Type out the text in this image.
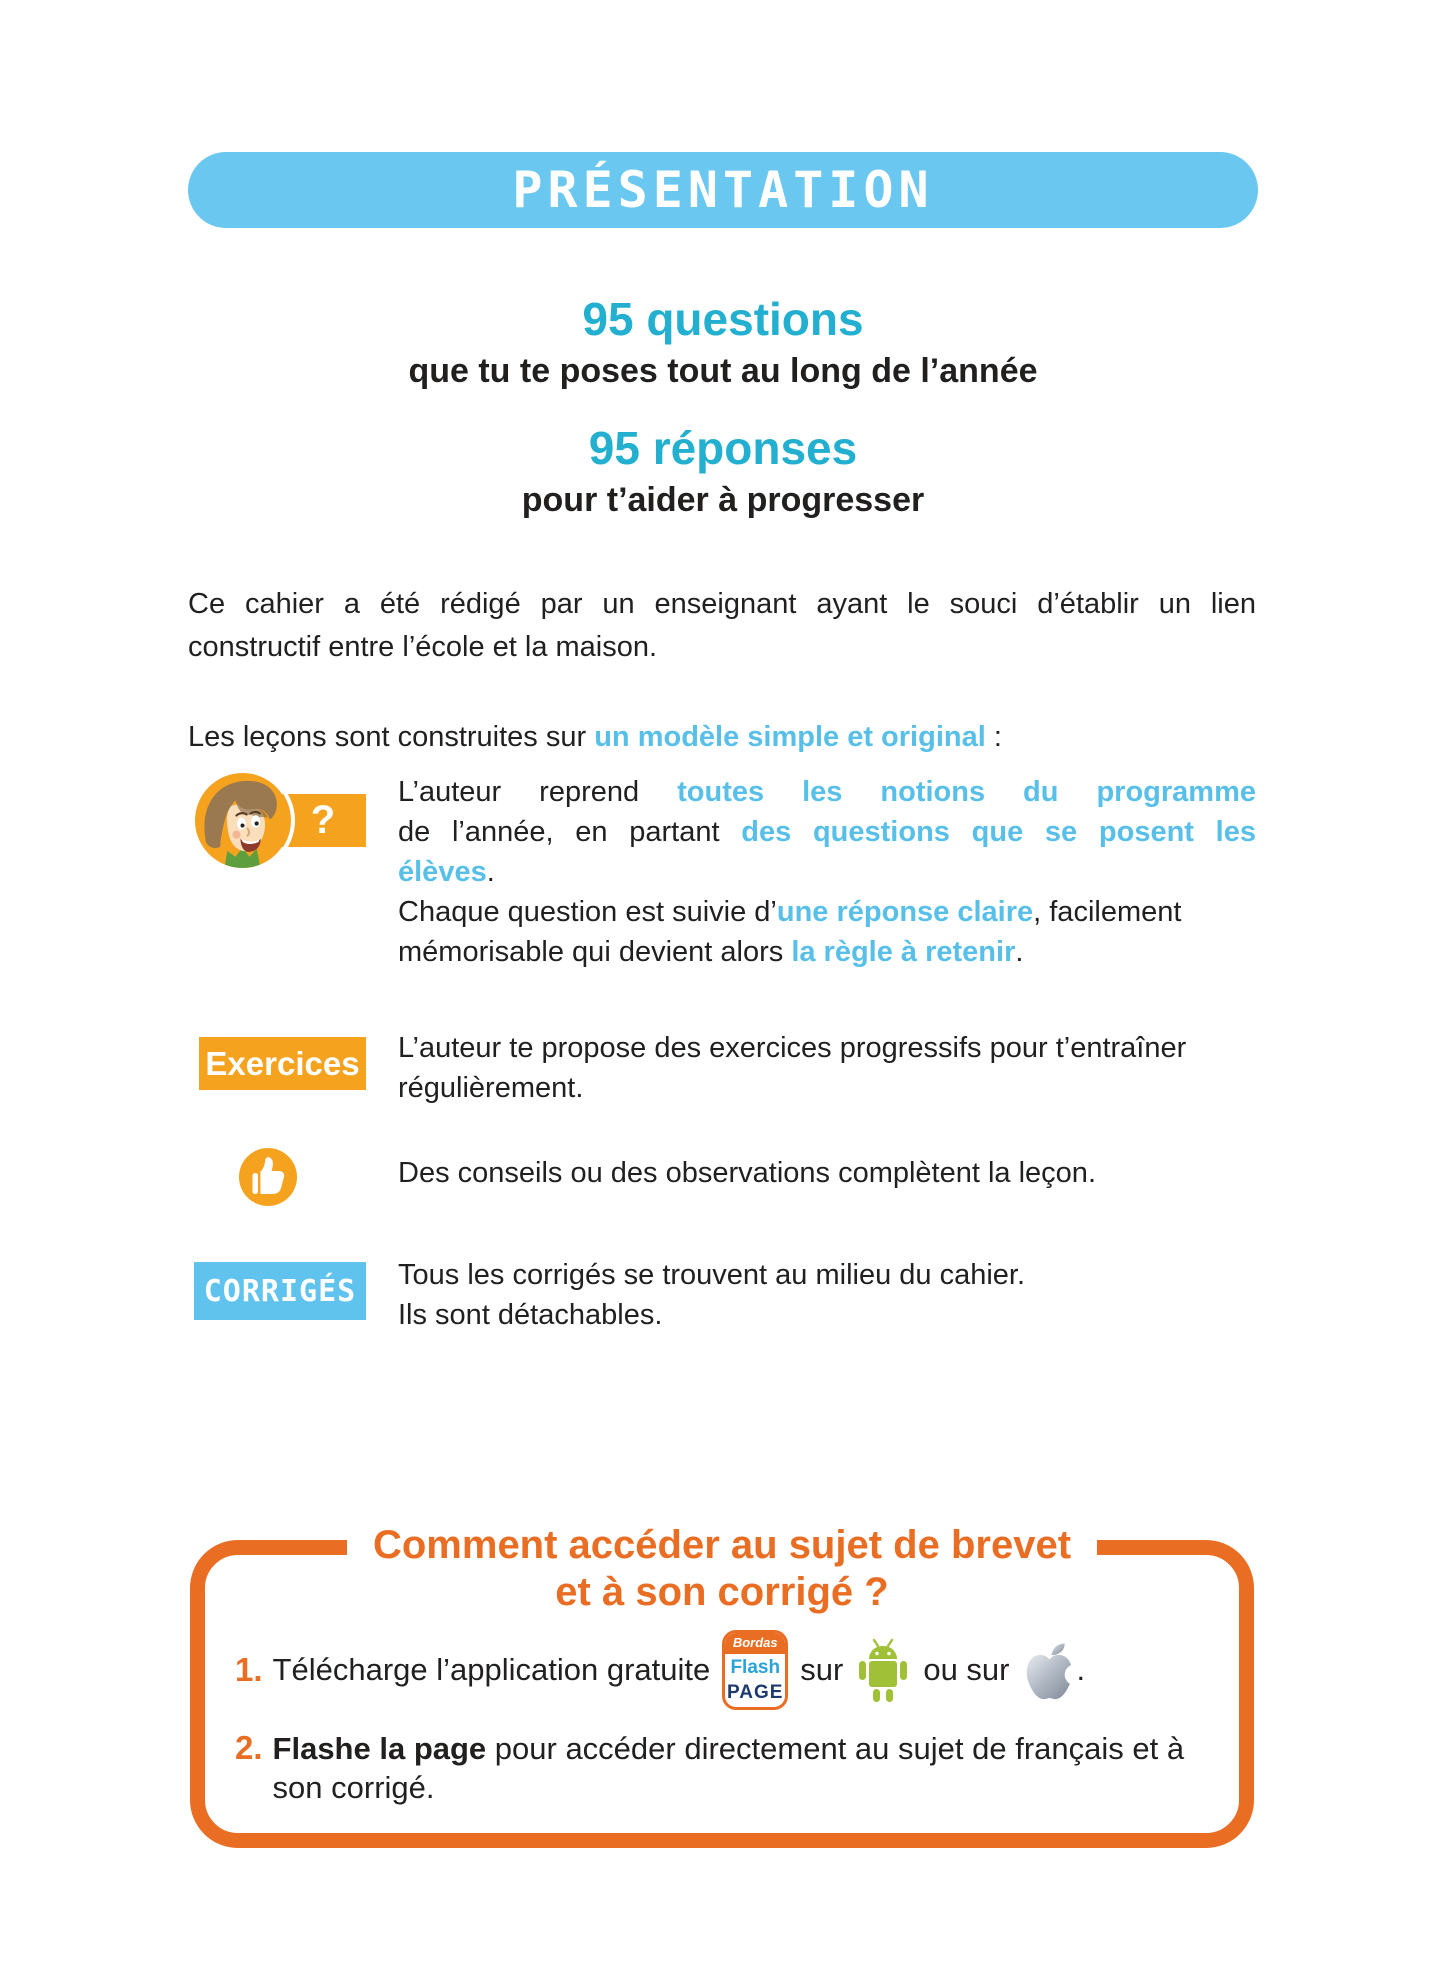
PRÉSENTATION
95 questions
que tu te poses tout au long de l’année
95 réponses
pour t’aider à progresser
Ce cahier a été rédigé par un enseignant ayant le souci d’établir un lien
constructif entre l’école et la maison.
Les leçons sont construites sur un modèle simple et original :
?
L’auteur reprend toutes les notions du programme
de l’année, en partant des questions que se posent les
élèves.
Chaque question est suivie d’une réponse claire, facilement
mémorisable qui devient alors la règle à retenir.
Exercices L’auteur te propose des exercices progressifs pour t’entraîner
régulièrement.
Des conseils ou des observations complètent la leçon.
CORRIGÉS Tous les corrigés se trouvent au milieu du cahier.
Ils sont détachables.
Comment accéder au sujet de brevet
et à son corrigé ?
1. Télécharge l’application gratuite
Bordas
Flash
PAGE
sur	ou sur .
2. Flashe la page pour accéder directement au sujet de français et à
son corrigé.
